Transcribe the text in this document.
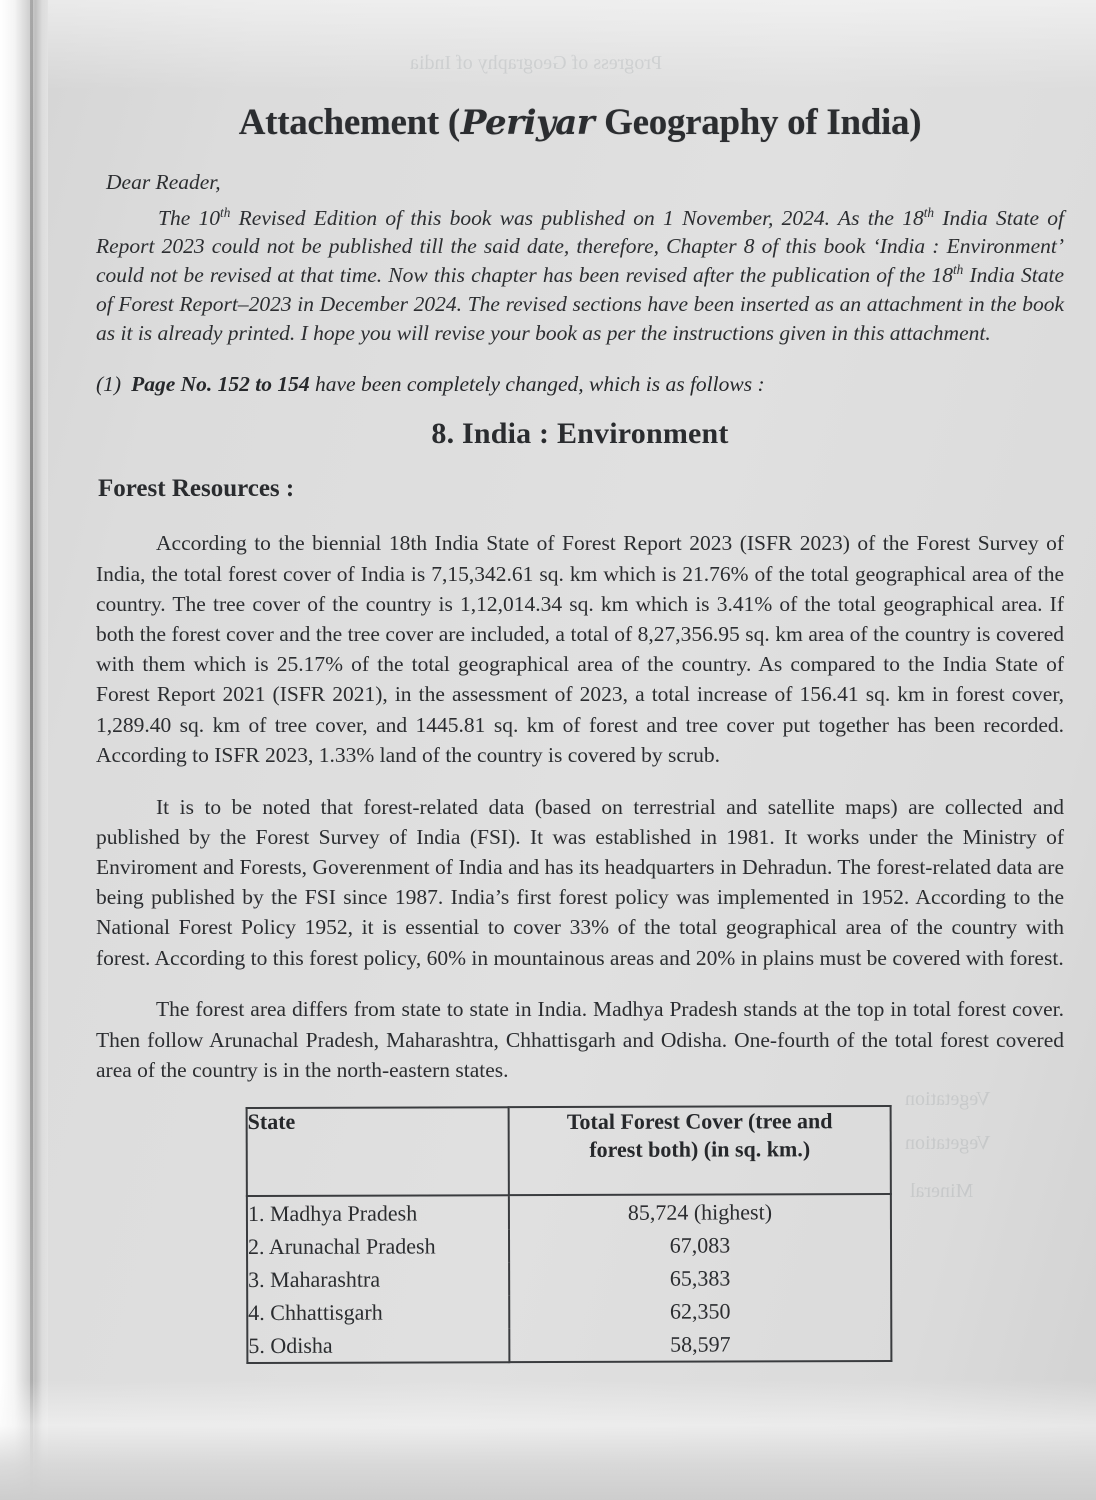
Vegetation
Vegetation
Mineral
Attachement (Periyar Geography of India)
Dear Reader,

The 10th Revised Edition of this book was published on 1 November, 2024. As the 18th India State of Report 2023 could not be published till the said date, therefore, Chapter 8 of this book ‘India : Environment’ could not be revised at that time. Now this chapter has been revised after the publication of the 18th India State of Forest Report–2023 in December 2024. The revised sections have been inserted as an attachment in the book as it is already printed. I hope you will revise your book as per the instructions given in this attachment.

(1) Page No. 152 to 154 have been completely changed, which is as follows :
8. India : Environment
Forest Resources :

According to the biennial 18th India State of Forest Report 2023 (ISFR 2023) of the Forest Survey of India, the total forest cover of India is 7,15,342.61 sq. km which is 21.76% of the total geographical area of the country. The tree cover of the country is 1,12,014.34 sq. km which is 3.41% of the total geographical area. If both the forest cover and the tree cover are included, a total of 8,27,356.95 sq. km area of the country is covered with them which is 25.17% of the total geographical area of the country. As compared to the India State of Forest Report 2021 (ISFR 2021), in the assessment of 2023, a total increase of 156.41 sq. km in forest cover, 1,289.40 sq. km of tree cover, and 1445.81 sq. km of forest and tree cover put together has been recorded. According to ISFR 2023, 1.33% land of the country is covered by scrub.

It is to be noted that forest-related data (based on terrestrial and satellite maps) are collected and published by the Forest Survey of India (FSI). It was established in 1981. It works under the Ministry of Enviroment and Forests, Goverenment of India and has its headquarters in Dehradun. The forest-related data are being published by the FSI since 1987. India’s first forest policy was implemented in 1952. According to the National Forest Policy 1952, it is essential to cover 33% of the total geographical area of the country with forest. According to this forest policy, 60% in mountainous areas and 20% in plains must be covered with forest.

The forest area differs from state to state in India. Madhya Pradesh stands at the top in total forest cover. Then follow Arunachal Pradesh, Maharashtra, Chhattisgarh and Odisha. One-fourth of the total forest covered area of the country is in the north-eastern states.

State	Total Forest Cover (tree and
forest both) (in sq. km.)

1. Madhya Pradesh	85,724 (highest)
2. Arunachal Pradesh	67,083
3. Maharashtra	65,383
4. Chhattisgarh	62,350
5. Odisha	58,597
